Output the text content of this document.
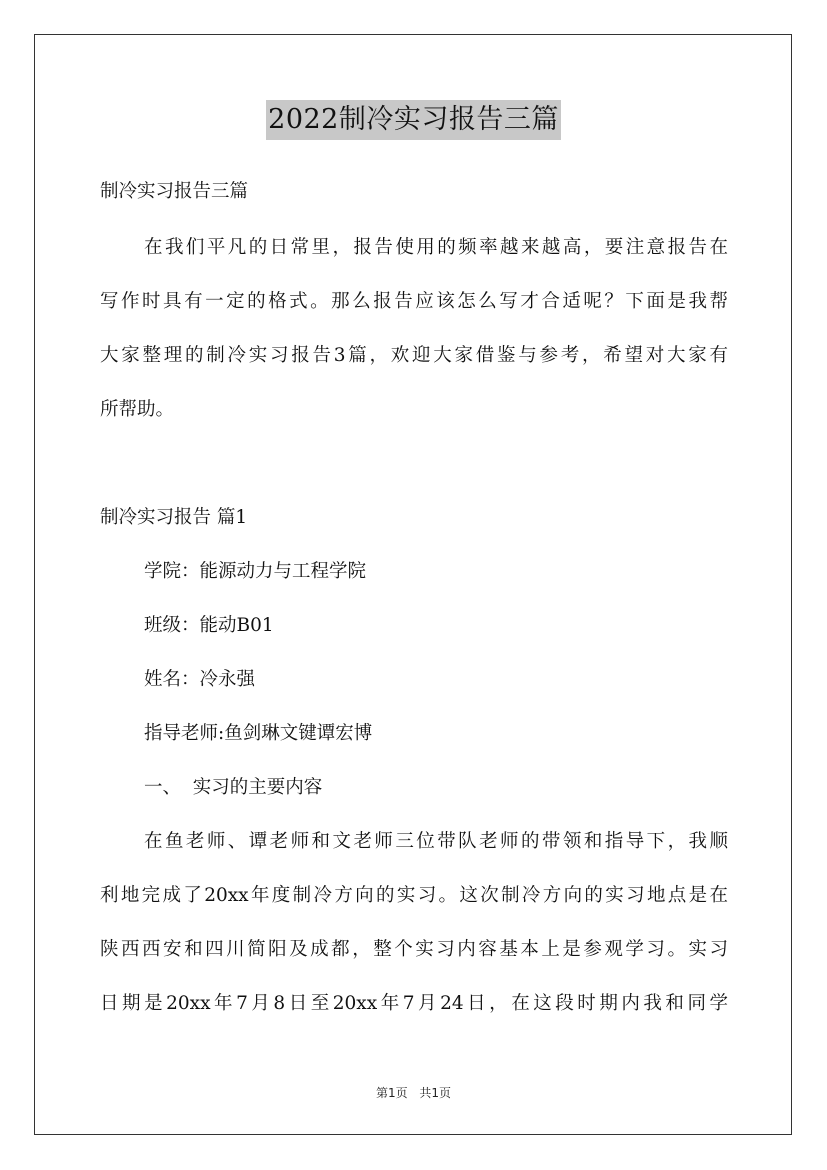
2022制冷实习报告三篇
制冷实习报告三篇
在我们平凡的日常里，报告使用的频率越来越高，要注意报告在
写作时具有一定的格式。那么报告应该怎么写才合适呢？下面是我帮
大家整理的制冷实习报告3篇，欢迎大家借鉴与参考，希望对大家有
所帮助。
制冷实习报告 篇1
学院：能源动力与工程学院
班级：能动B01
姓名：冷永强
指导老师:鱼剑琳文键谭宏博
一、  实习的主要内容
在鱼老师、谭老师和文老师三位带队老师的带领和指导下，我顺
利地完成了20xx年度制冷方向的实习。这次制冷方向的实习地点是在
陕西西安和四川简阳及成都，整个实习内容基本上是参观学习。实习
日期是20xx年7月8日至20xx年7月24日，在这段时期内我和同学
第1页 共1页
